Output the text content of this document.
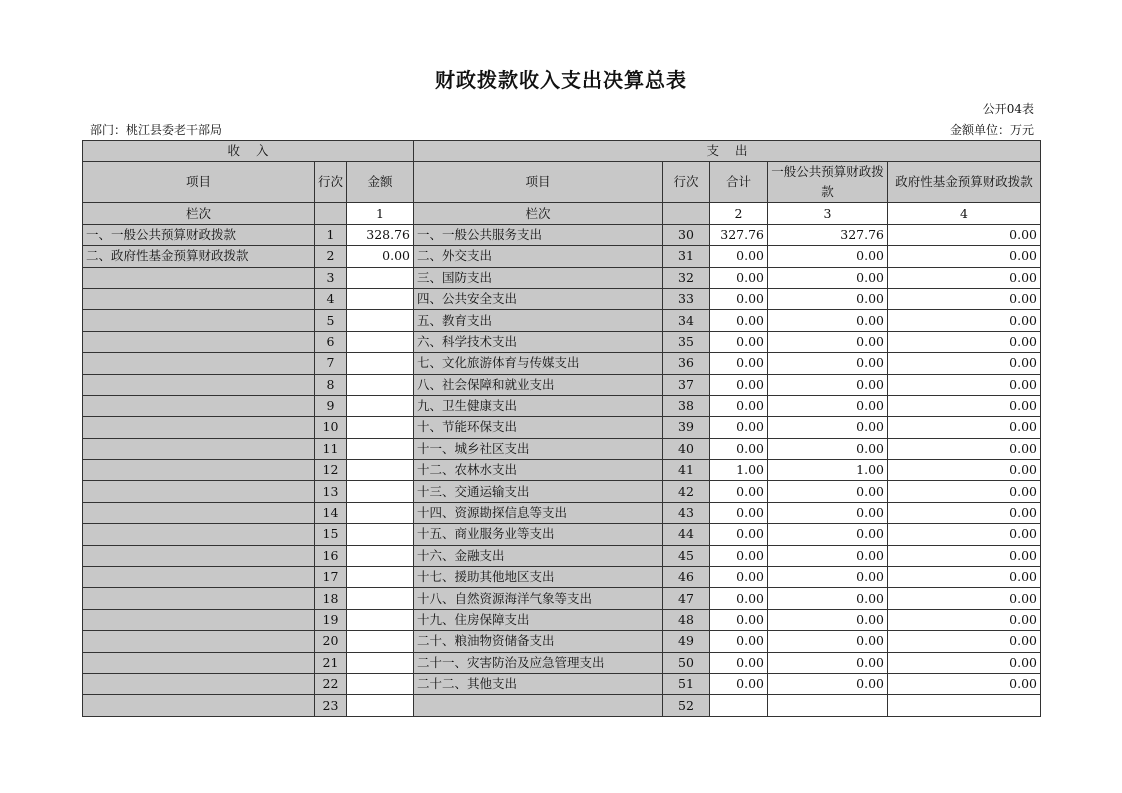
财政拨款收入支出决算总表
公开04表
部门：桃江县委老干部局	金额单位：万元
收    入			支    出				
项目	行次	金额	项目	行次	合计	一般公共预算财政拨款	政府性基金预算财政拨款
栏次		1	栏次		2	3	4
一、一般公共预算财政拨款	1	328.76	一、一般公共服务支出	30	327.76	327.76	0.00
二、政府性基金预算财政拨款	2	0.00	二、外交支出	31	0.00	0.00	0.00
	3		三、国防支出	32	0.00	0.00	0.00
	4		四、公共安全支出	33	0.00	0.00	0.00
	5		五、教育支出	34	0.00	0.00	0.00
	6		六、科学技术支出	35	0.00	0.00	0.00
	7		七、文化旅游体育与传媒支出	36	0.00	0.00	0.00
	8		八、社会保障和就业支出	37	0.00	0.00	0.00
	9		九、卫生健康支出	38	0.00	0.00	0.00
	10		十、节能环保支出	39	0.00	0.00	0.00
	11		十一、城乡社区支出	40	0.00	0.00	0.00
	12		十二、农林水支出	41	1.00	1.00	0.00
	13		十三、交通运输支出	42	0.00	0.00	0.00
	14		十四、资源勘探信息等支出	43	0.00	0.00	0.00
	15		十五、商业服务业等支出	44	0.00	0.00	0.00
	16		十六、金融支出	45	0.00	0.00	0.00
	17		十七、援助其他地区支出	46	0.00	0.00	0.00
	18		十八、自然资源海洋气象等支出	47	0.00	0.00	0.00
	19		十九、住房保障支出	48	0.00	0.00	0.00
	20		二十、粮油物资储备支出	49	0.00	0.00	0.00
	21		二十一、灾害防治及应急管理支出	50	0.00	0.00	0.00
	22		二十二、其他支出	51	0.00	0.00	0.00
	23			52			
